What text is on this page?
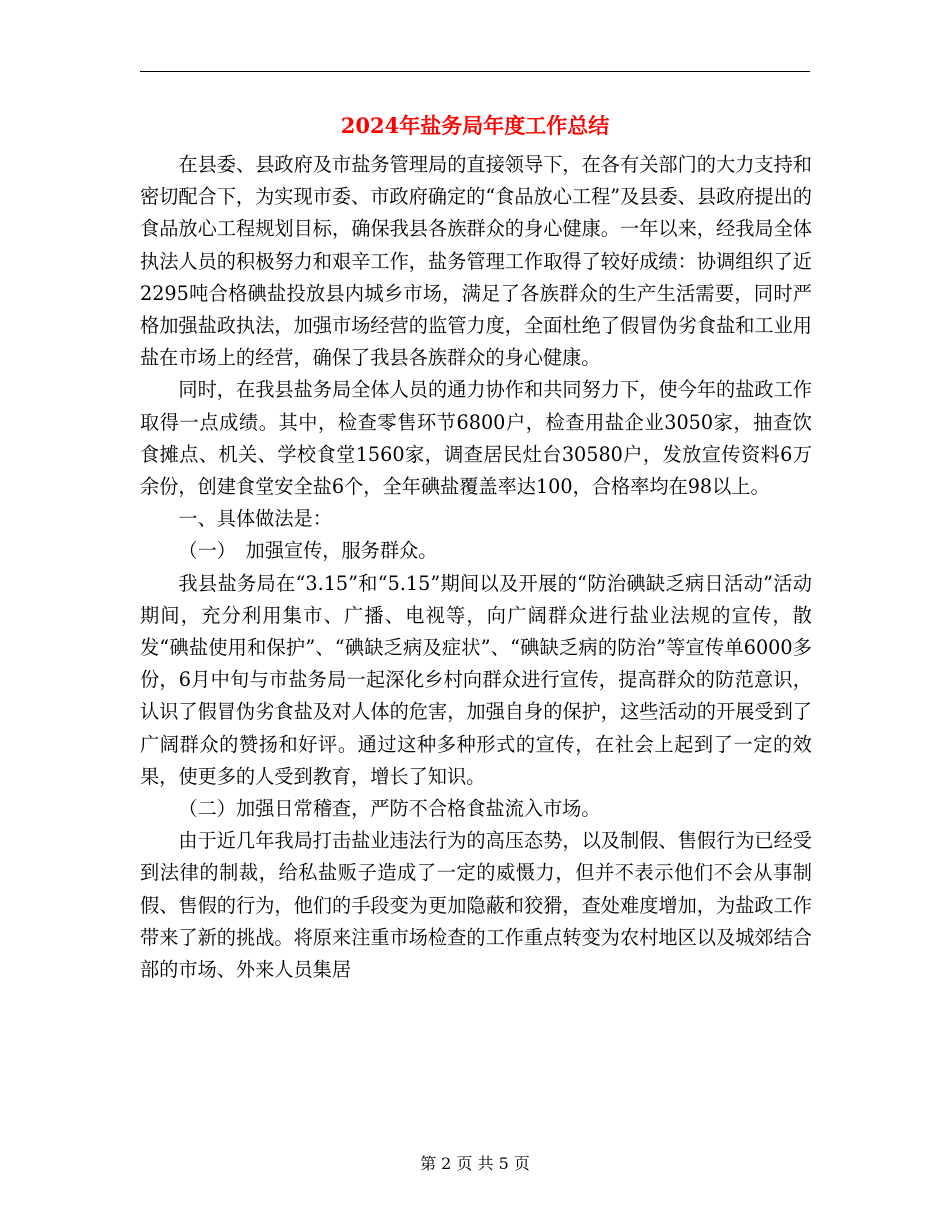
2024年盐务局年度工作总结

在县委、县政府及市盐务管理局的直接领导下，在各有关部门的大力支持和密切配合下，为实现市委、市政府确定的“食品放心工程”及县委、县政府提出的食品放心工程规划目标，确保我县各族群众的身心健康。一年以来，经我局全体执法人员的积极努力和艰辛工作，盐务管理工作取得了较好成绩：协调组织了近2295吨合格碘盐投放县内城乡市场，满足了各族群众的生产生活需要，同时严格加强盐政执法，加强市场经营的监管力度，全面杜绝了假冒伪劣食盐和工业用盐在市场上的经营，确保了我县各族群众的身心健康。

同时，在我县盐务局全体人员的通力协作和共同努力下，使今年的盐政工作取得一点成绩。其中，检查零售环节6800户，检查用盐企业3050家，抽查饮食摊点、机关、学校食堂1560家，调查居民灶台30580户，发放宣传资料6万余份，创建食堂安全盐6个，全年碘盐覆盖率达100，合格率均在98以上。

一、具体做法是：

（一）　加强宣传，服务群众。

我县盐务局在“3.15”和“5.15”期间以及开展的“防治碘缺乏病日活动”活动期间，充分利用集市、广播、电视等，向广阔群众进行盐业法规的宣传，散发“碘盐使用和保护”、“碘缺乏病及症状”、“碘缺乏病的防治”等宣传单6000多份，6月中旬与市盐务局一起深化乡村向群众进行宣传，提高群众的防范意识，认识了假冒伪劣食盐及对人体的危害，加强自身的保护，这些活动的开展受到了广阔群众的赞扬和好评。通过这种多种形式的宣传，在社会上起到了一定的效果，使更多的人受到教育，增长了知识。

（二）加强日常稽查，严防不合格食盐流入市场。

由于近几年我局打击盐业违法行为的高压态势，以及制假、售假行为已经受到法律的制裁，给私盐贩子造成了一定的威慑力，但并不表示他们不会从事制假、售假的行为，他们的手段变为更加隐蔽和狡猾，查处难度增加，为盐政工作带来了新的挑战。将原来注重市场检查的工作重点转变为农村地区以及城郊结合部的市场、外来人员集居

第 2 页 共 5 页
